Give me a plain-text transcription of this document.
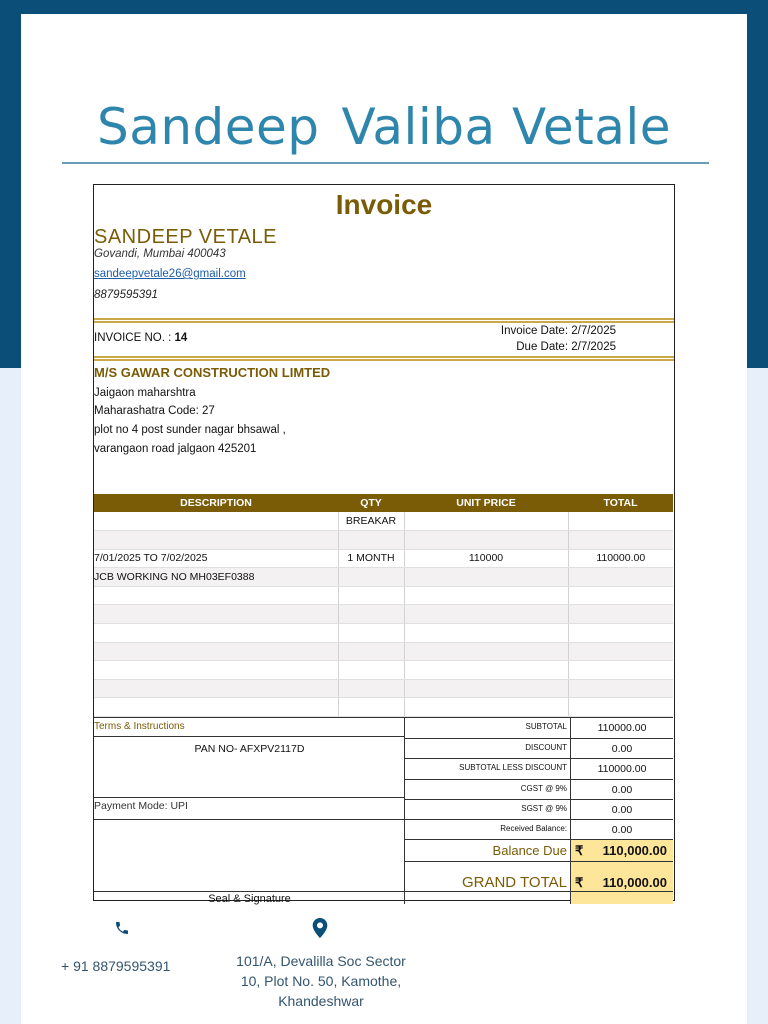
Sandeep Valiba Vetale
Invoice
SANDEEP VETALE
Govandi, Mumbai 400043
sandeepvetale26@gmail.com
8879595391
INVOICE NO. : 14
Invoice Date: 2/7/2025
Due Date: 2/7/2025
M/S GAWAR CONSTRUCTION LIMTED
Jaigaon maharshtra
Maharashatra Code: 27
plot no 4 post sunder nagar bhsawal ,
varangaon road jalgaon 425201
DESCRIPTION	QTY	UNIT PRICE	TOTAL
	BREAKAR		

7/01/2025 TO 7/02/2025	1 MONTH	110000	110000.00
JCB WORKING NO MH03EF0388			

Terms & Instructions
PAN NO- AFXPV2117D
Payment Mode: UPI
Seal & Signature
SUBTOTAL	110000.00
DISCOUNT	0.00
SUBTOTAL LESS DISCOUNT	110000.00
CGST @ 9%	0.00
SGST @ 9%	0.00
Received Balance:	0.00
Balance Due ₹ 110,000.00
GRAND TOTAL ₹ 110,000.00
+ 91 8879595391	101/A, Devalilla Soc Sector
10, Plot No. 50, Kamothe,
Khandeshwar
